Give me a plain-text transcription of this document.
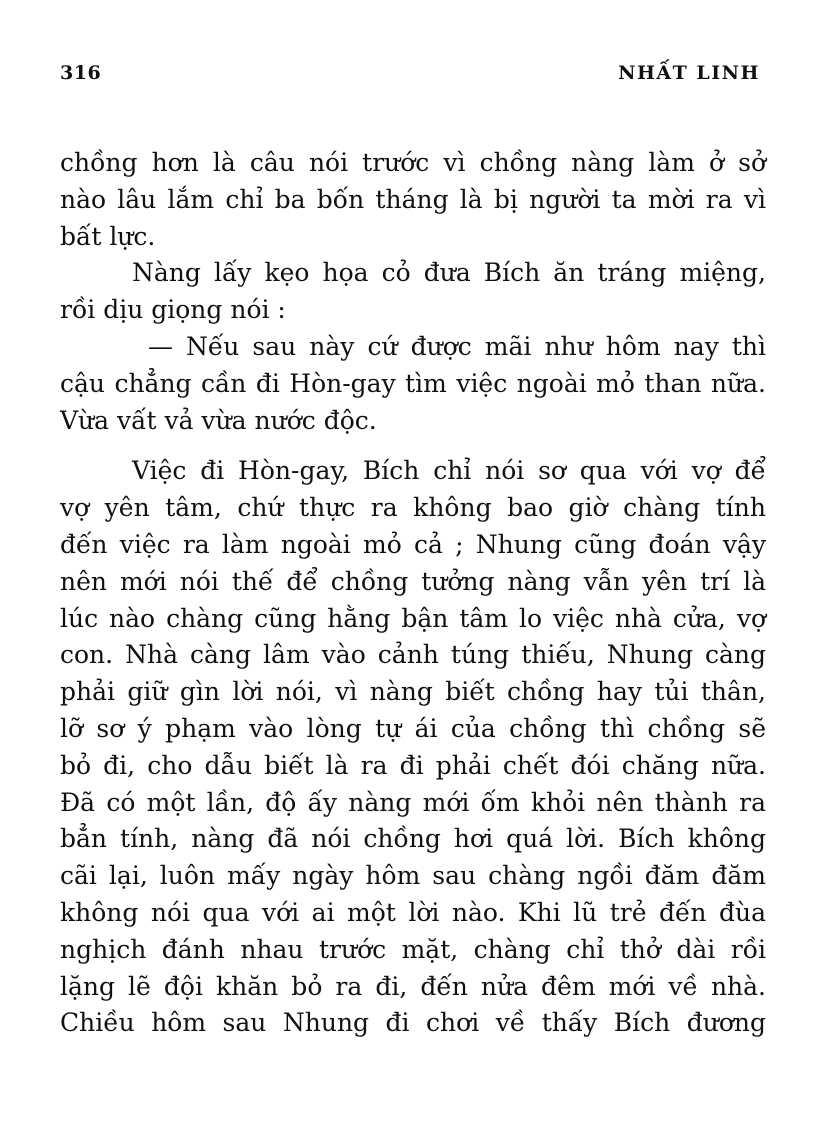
316	NHẤT LINH
chồng hơn là câu nói trước vì chồng nàng làm ở sở
nào lâu lắm chỉ ba bốn tháng là bị người ta mời ra vì
bất lực.
Nàng lấy kẹo họa cỏ đưa Bích ăn tráng miệng,
rồi dịu giọng nói :
— Nếu sau này cứ được mãi như hôm nay thì
cậu chẳng cần đi Hòn-gay tìm việc ngoài mỏ than nữa.
Vừa vất vả vừa nước độc.
Việc đi Hòn-gay, Bích chỉ nói sơ qua với vợ để
vợ yên tâm, chứ thực ra không bao giờ chàng tính
đến việc ra làm ngoài mỏ cả ; Nhung cũng đoán vậy
nên mới nói thế để chồng tưởng nàng vẫn yên trí là
lúc nào chàng cũng hằng bận tâm lo việc nhà cửa, vợ
con. Nhà càng lâm vào cảnh túng thiếu, Nhung càng
phải giữ gìn lời nói, vì nàng biết chồng hay tủi thân,
lỡ sơ ý phạm vào lòng tự ái của chồng thì chồng sẽ
bỏ đi, cho dẫu biết là ra đi phải chết đói chăng nữa.
Đã có một lần, độ ấy nàng mới ốm khỏi nên thành ra
bẳn tính, nàng đã nói chồng hơi quá lời. Bích không
cãi lại, luôn mấy ngày hôm sau chàng ngồi đăm đăm
không nói qua với ai một lời nào. Khi lũ trẻ đến đùa
nghịch đánh nhau trước mặt, chàng chỉ thở dài rồi
lặng lẽ đội khăn bỏ ra đi, đến nửa đêm mới về nhà.
Chiều hôm sau Nhung đi chơi về thấy Bích đương
